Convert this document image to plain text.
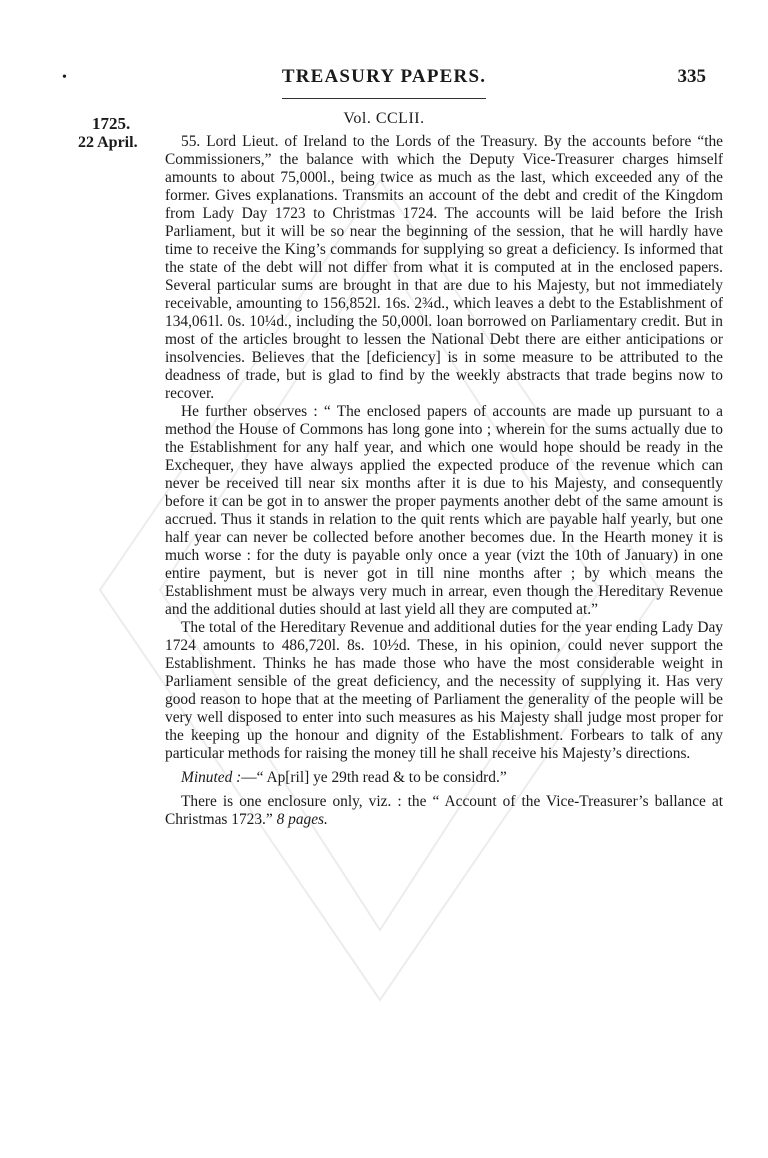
•	TREASURY PAPERS.	335
Vol. CCLII.
1725.
22 April.	55. Lord Lieut. of Ireland to the Lords of the Treasury. By the accounts before “the Commissioners,” the balance with which the Deputy Vice-Treasurer charges himself amounts to about 75,000l., being twice as much as the last, which exceeded any of the former. Gives explanations. Transmits an account of the debt and credit of the Kingdom from Lady Day 1723 to Christmas 1724. The accounts will be laid before the Irish Parliament, but it will be so near the beginning of the session, that he will hardly have time to receive the King’s commands for supplying so great a deficiency. Is informed that the state of the debt will not differ from what it is computed at in the enclosed papers. Several particular sums are brought in that are due to his Majesty, but not immediately receivable, amounting to 156,852l. 16s. 2¾d., which leaves a debt to the Establishment of 134,061l. 0s. 10¼d., including the 50,000l. loan borrowed on Parliamentary credit. But in most of the articles brought to lessen the National Debt there are either anticipations or insolvencies. Believes that the [deficiency] is in some measure to be attributed to the deadness of trade, but is glad to find by the weekly abstracts that trade begins now to recover.

He further observes : “ The enclosed papers of accounts are made up pursuant to a method the House of Commons has long gone into ; wherein for the sums actually due to the Establishment for any half year, and which one would hope should be ready in the Exchequer, they have always applied the expected produce of the revenue which can never be received till near six months after it is due to his Majesty, and consequently before it can be got in to answer the proper payments another debt of the same amount is accrued. Thus it stands in relation to the quit rents which are payable half yearly, but one half year can never be collected before another becomes due. In the Hearth money it is much worse : for the duty is payable only once a year (vizt the 10th of January) in one entire payment, but is never got in till nine months after ; by which means the Establishment must be always very much in arrear, even though the Hereditary Revenue and the additional duties should at last yield all they are computed at.”

The total of the Hereditary Revenue and additional duties for the year ending Lady Day 1724 amounts to 486,720l. 8s. 10½d. These, in his opinion, could never support the Establishment. Thinks he has made those who have the most considerable weight in Parliament sensible of the great deficiency, and the necessity of supplying it. Has very good reason to hope that at the meeting of Parliament the generality of the people will be very well disposed to enter into such measures as his Majesty shall judge most proper for the keeping up the honour and dignity of the Establishment. Forbears to talk of any particular methods for raising the money till he shall receive his Majesty’s directions.

Minuted :—“ Ap[ril] ye 29th read & to be considrd.”

There is one enclosure only, viz. : the “ Account of the Vice-Treasurer’s ballance at Christmas 1723.” 8 pages.
